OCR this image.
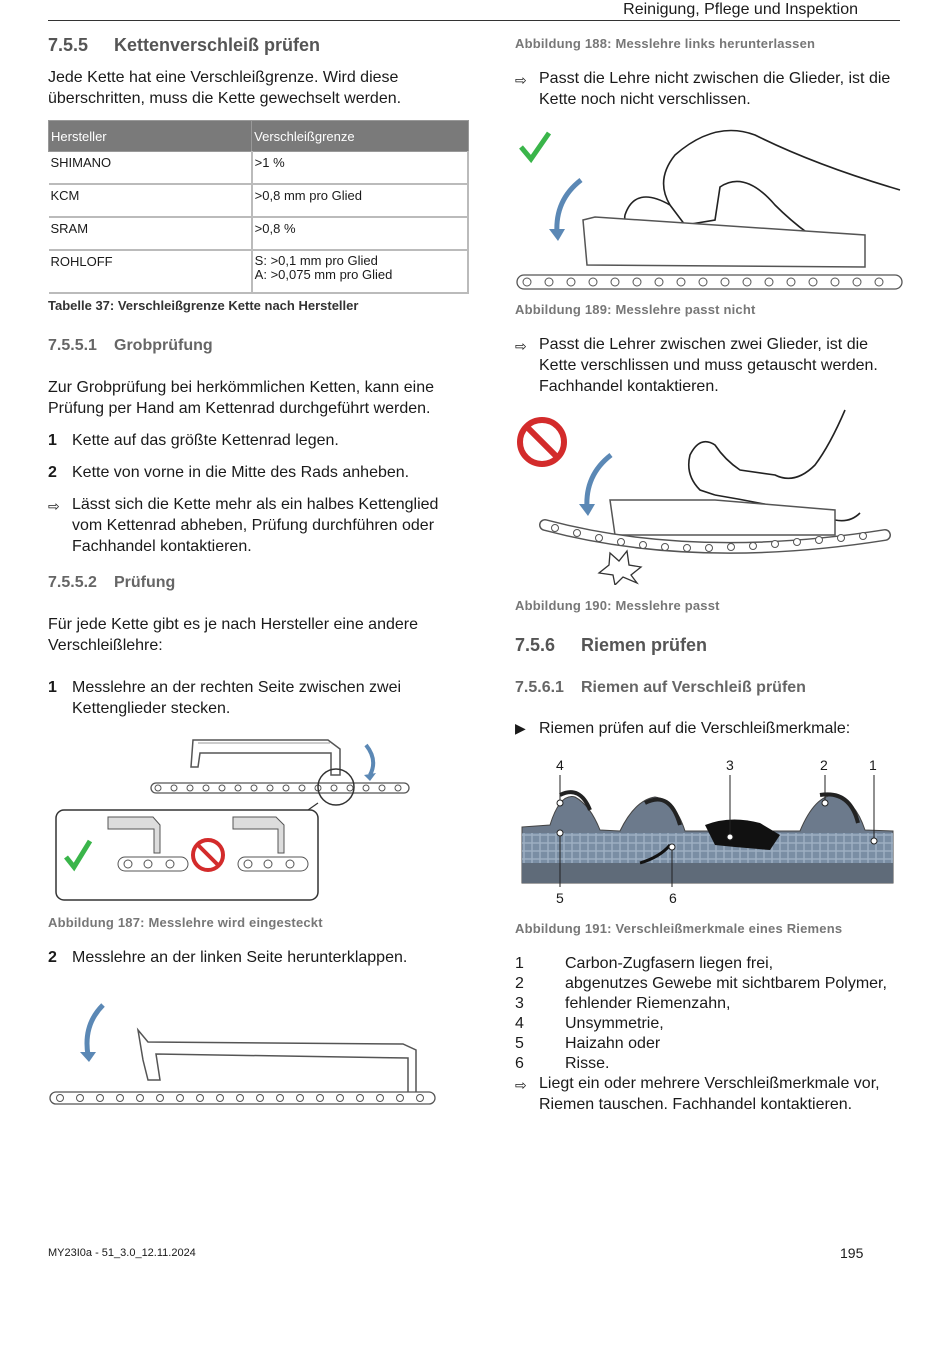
Reinigung, Pflege und Inspektion
7.5.5 Kettenverschleiß prüfen
Jede Kette hat eine Verschleißgrenze. Wird diese
überschritten, muss die Kette gewechselt werden.
Hersteller	Verschleißgrenze
SHIMANO	>1 %
KCM	>0,8 mm pro Glied
SRAM	>0,8 %
ROHLOFF	S: >0,1 mm pro Glied
A: >0,075 mm pro Glied
Tabelle 37: Verschleißgrenze Kette nach Hersteller
7.5.5.1 Grobprüfung
Zur Grobprüfung bei herkömmlichen Ketten, kann eine
Prüfung per Hand am Kettenrad durchgeführt werden.
1 Kette auf das größte Kettenrad legen.
2 Kette von vorne in die Mitte des Rads anheben.
⇨ Lässt sich die Kette mehr als ein halbes Kettenglied
vom Kettenrad abheben, Prüfung durchführen oder
Fachhandel kontaktieren.
7.5.5.2 Prüfung
Für jede Kette gibt es je nach Hersteller eine andere
Verschleißlehre:
1 Messlehre an der rechten Seite zwischen zwei
Kettenglieder stecken.
Abbildung 187: Messlehre wird eingesteckt
2 Messlehre an der linken Seite herunterklappen.
Abbildung 188: Messlehre links herunterlassen
⇨ Passt die Lehre nicht zwischen die Glieder, ist die
Kette noch nicht verschlissen.
Abbildung 189: Messlehre passt nicht
⇨ Passt die Lehrer zwischen zwei Glieder, ist die
Kette verschlissen und muss getauscht werden.
Fachhandel kontaktieren.
Abbildung 190: Messlehre passt
7.5.6 Riemen prüfen
7.5.6.1 Riemen auf Verschleiß prüfen
▶ Riemen prüfen auf die Verschleißmerkmale:
4	3	2	1
5	6
Abbildung 191: Verschleißmerkmale eines Riemens
1	Carbon-Zugfasern liegen frei,
2	abgenutzes Gewebe mit sichtbarem Polymer,
3	fehlender Riemenzahn,
4	Unsymmetrie,
5	Haizahn oder
6	Risse.
⇨ Liegt ein oder mehrere Verschleißmerkmale vor,
Riemen tauschen. Fachhandel kontaktieren.
MY23I0a - 51_3.0_12.11.2024	195
